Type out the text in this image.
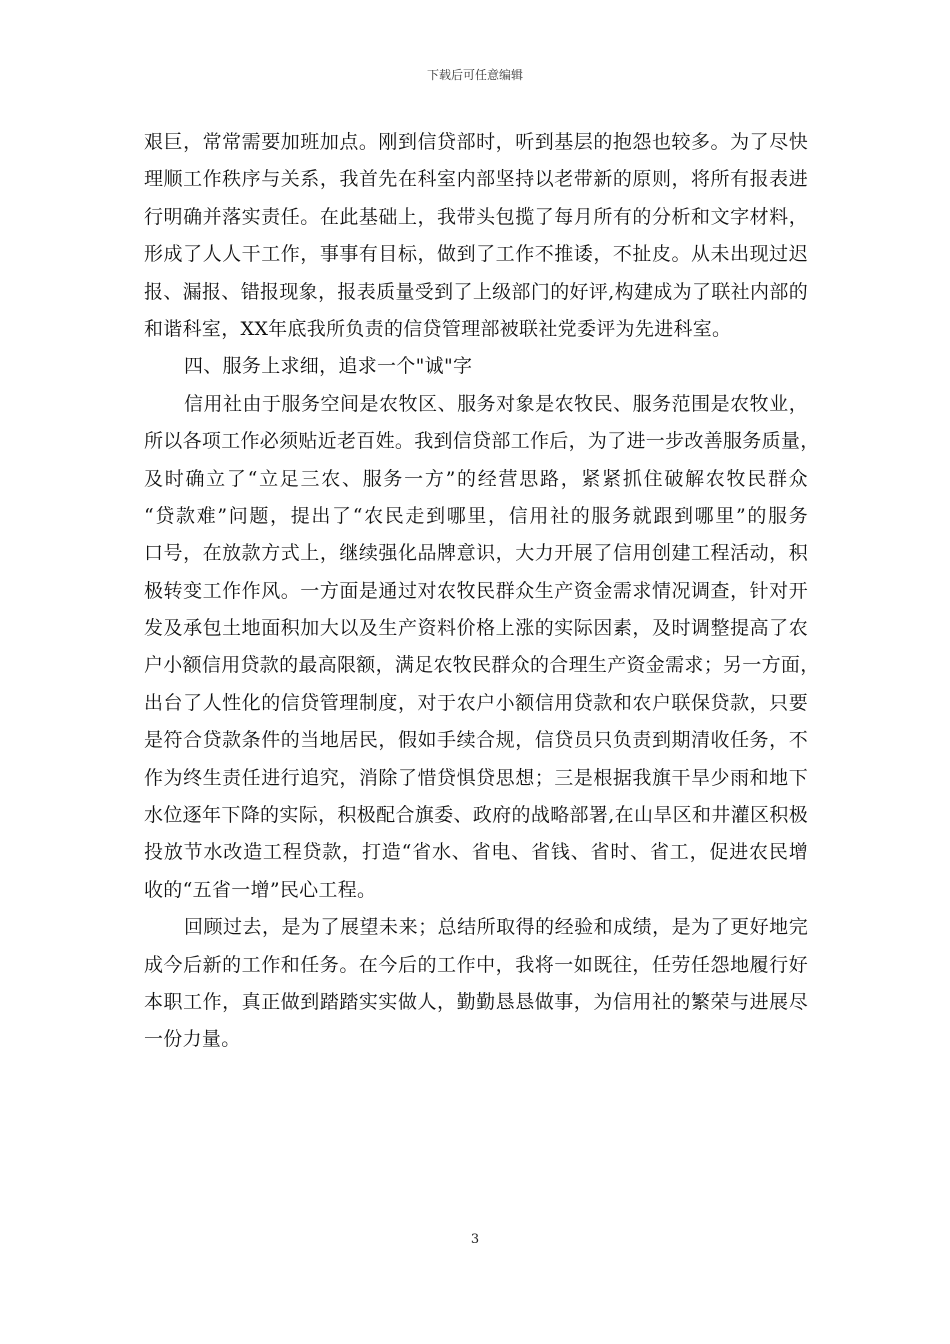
下载后可任意编辑
艰巨，常常需要加班加点。刚到信贷部时，听到基层的抱怨也较多。为了尽快
理顺工作秩序与关系，我首先在科室内部坚持以老带新的原则，将所有报表进
行明确并落实责任。在此基础上，我带头包揽了每月所有的分析和文字材料，
形成了人人干工作，事事有目标，做到了工作不推诿，不扯皮。从未出现过迟
报、漏报、错报现象，报表质量受到了上级部门的好评,构建成为了联社内部的
和谐科室，XX年底我所负责的信贷管理部被联社党委评为先进科室。
四、服务上求细，追求一个"诚"字
信用社由于服务空间是农牧区、服务对象是农牧民、服务范围是农牧业，
所以各项工作必须贴近老百姓。我到信贷部工作后，为了进一步改善服务质量，
及时确立了“立足三农、服务一方”的经营思路，紧紧抓住破解农牧民群众
“贷款难”问题，提出了“农民走到哪里，信用社的服务就跟到哪里”的服务
口号，在放款方式上，继续强化品牌意识，大力开展了信用创建工程活动，积
极转变工作作风。一方面是通过对农牧民群众生产资金需求情况调查，针对开
发及承包土地面积加大以及生产资料价格上涨的实际因素，及时调整提高了农
户小额信用贷款的最高限额，满足农牧民群众的合理生产资金需求；另一方面，
出台了人性化的信贷管理制度，对于农户小额信用贷款和农户联保贷款，只要
是符合贷款条件的当地居民，假如手续合规，信贷员只负责到期清收任务，不
作为终生责任进行追究，消除了惜贷惧贷思想；三是根据我旗干旱少雨和地下
水位逐年下降的实际，积极配合旗委、政府的战略部署,在山旱区和井灌区积极
投放节水改造工程贷款，打造“省水、省电、省钱、省时、省工，促进农民增
收的“五省一增”民心工程。
回顾过去，是为了展望未来；总结所取得的经验和成绩，是为了更好地完
成今后新的工作和任务。在今后的工作中，我将一如既往，任劳任怨地履行好
本职工作，真正做到踏踏实实做人，勤勤恳恳做事，为信用社的繁荣与进展尽
一份力量。
3
